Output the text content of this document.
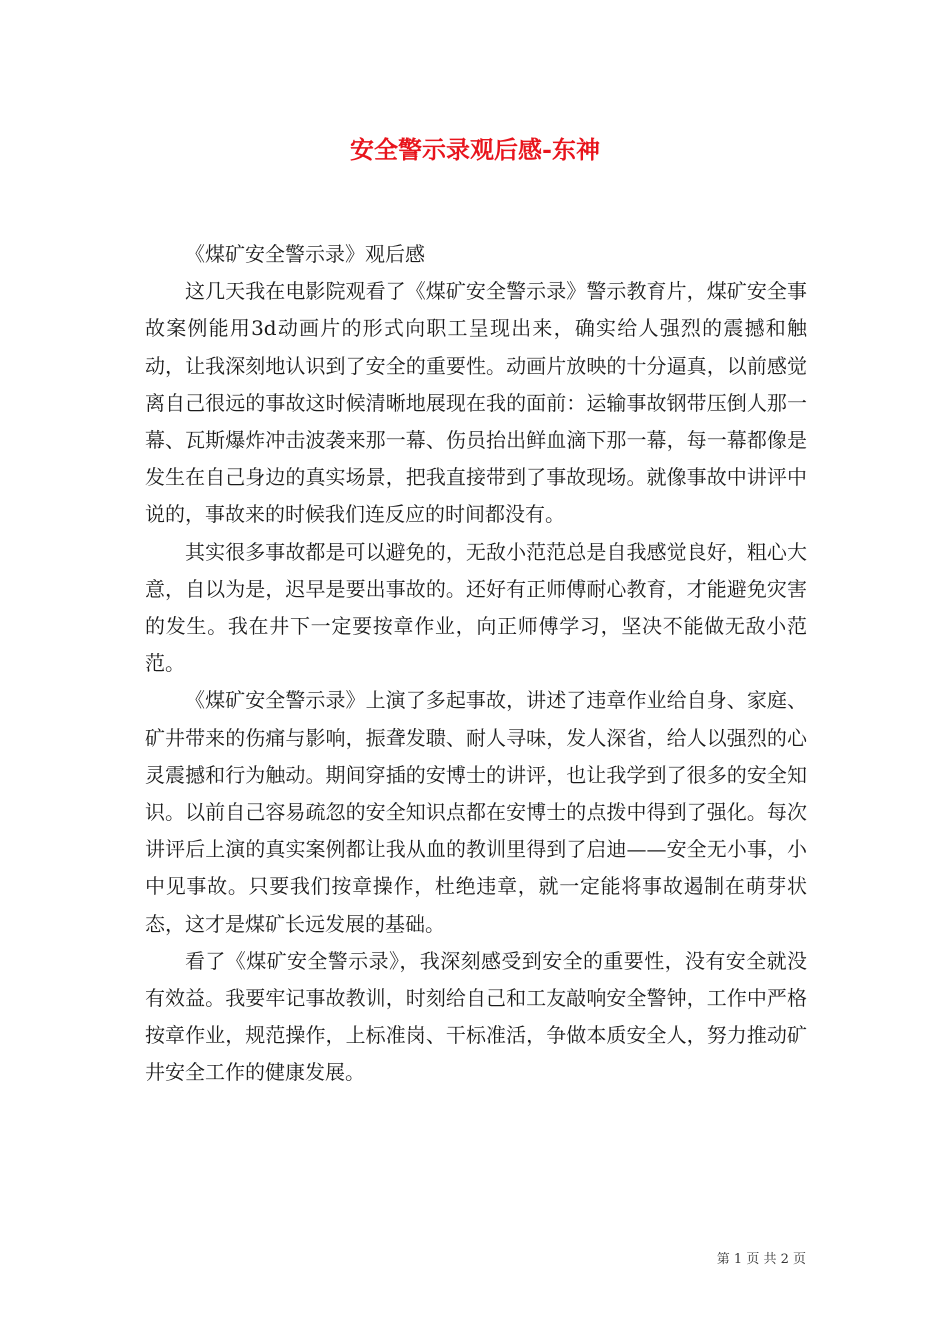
安全警示录观后感-东神

《煤矿安全警示录》观后感

这几天我在电影院观看了《煤矿安全警示录》警示教育片，煤矿安全事故案例能用3d动画片的形式向职工呈现出来，确实给人强烈的震撼和触动，让我深刻地认识到了安全的重要性。动画片放映的十分逼真，以前感觉离自己很远的事故这时候清晰地展现在我的面前：运输事故钢带压倒人那一幕、瓦斯爆炸冲击波袭来那一幕、伤员抬出鲜血滴下那一幕，每一幕都像是发生在自己身边的真实场景，把我直接带到了事故现场。就像事故中讲评中说的，事故来的时候我们连反应的时间都没有。

其实很多事故都是可以避免的，无敌小范范总是自我感觉良好，粗心大意，自以为是，迟早是要出事故的。还好有正师傅耐心教育，才能避免灾害的发生。我在井下一定要按章作业，向正师傅学习，坚决不能做无敌小范范。

《煤矿安全警示录》上演了多起事故，讲述了违章作业给自身、家庭、矿井带来的伤痛与影响，振聋发聩、耐人寻味，发人深省，给人以强烈的心灵震撼和行为触动。期间穿插的安博士的讲评，也让我学到了很多的安全知识。以前自己容易疏忽的安全知识点都在安博士的点拨中得到了强化。每次讲评后上演的真实案例都让我从血的教训里得到了启迪——安全无小事，小中见事故。只要我们按章操作，杜绝违章，就一定能将事故遏制在萌芽状态，这才是煤矿长远发展的基础。

看了《煤矿安全警示录》，我深刻感受到安全的重要性，没有安全就没有效益。我要牢记事故教训，时刻给自己和工友敲响安全警钟，工作中严格按章作业，规范操作，上标准岗、干标准活，争做本质安全人，努力推动矿井安全工作的健康发展。

第 1 页 共 2 页
